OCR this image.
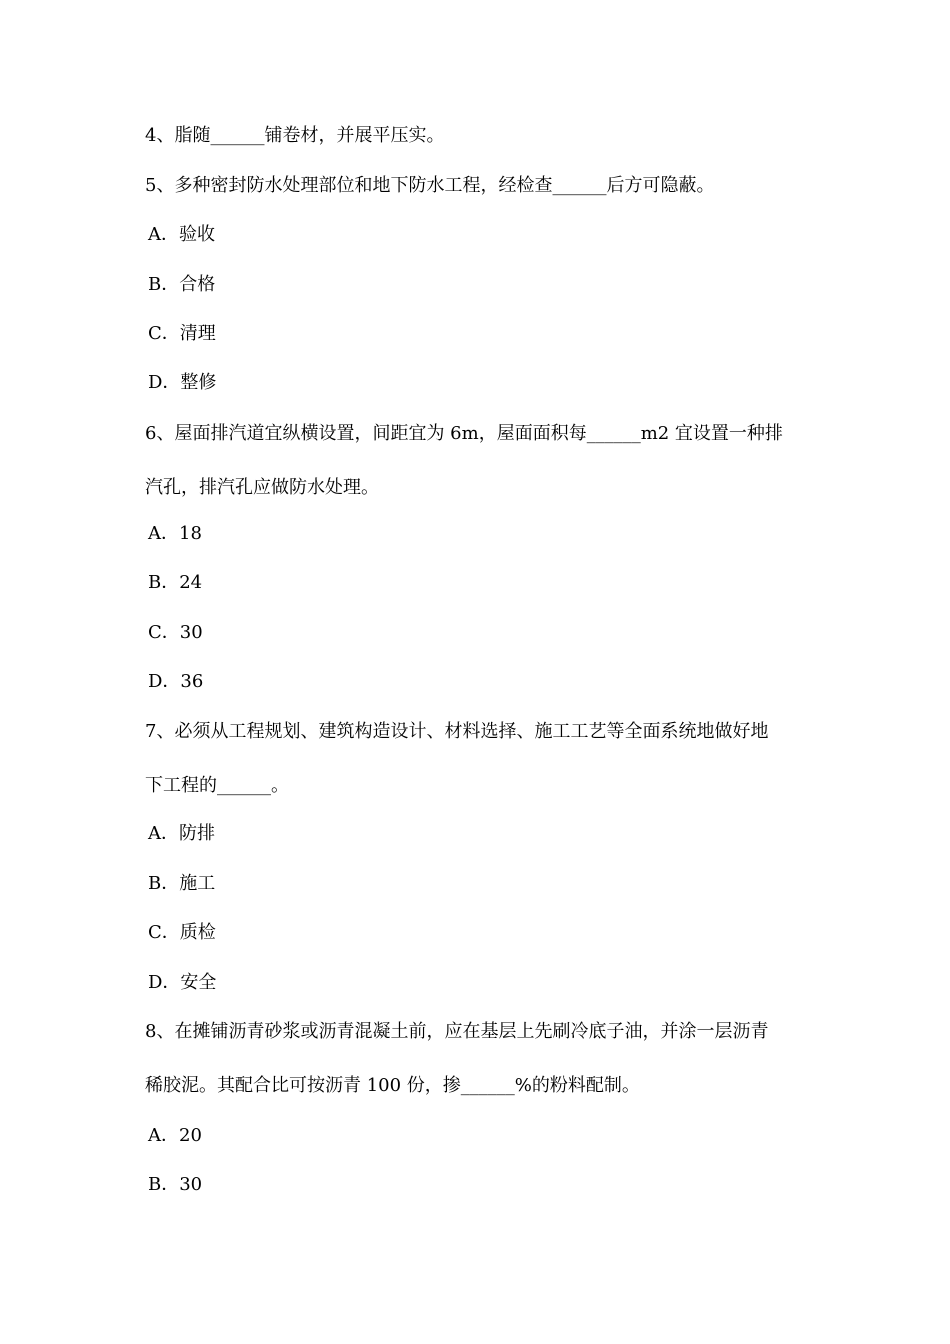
4、脂随______铺卷材，并展平压实。
5、多种密封防水处理部位和地下防水工程，经检查______后方可隐蔽。
A．验收
B．合格
C．清理
D．整修
6、屋面排汽道宜纵横设置，间距宜为 6m，屋面面积每______m2 宜设置一种排
汽孔，排汽孔应做防水处理。
A．18
B．24
C．30
D．36
7、必须从工程规划、建筑构造设计、材料选择、施工工艺等全面系统地做好地
下工程的______。
A．防排
B．施工
C．质检
D．安全
8、在摊铺沥青砂浆或沥青混凝土前，应在基层上先刷冷底子油，并涂一层沥青
稀胶泥。其配合比可按沥青 100 份，掺______%的粉料配制。
A．20
B．30
